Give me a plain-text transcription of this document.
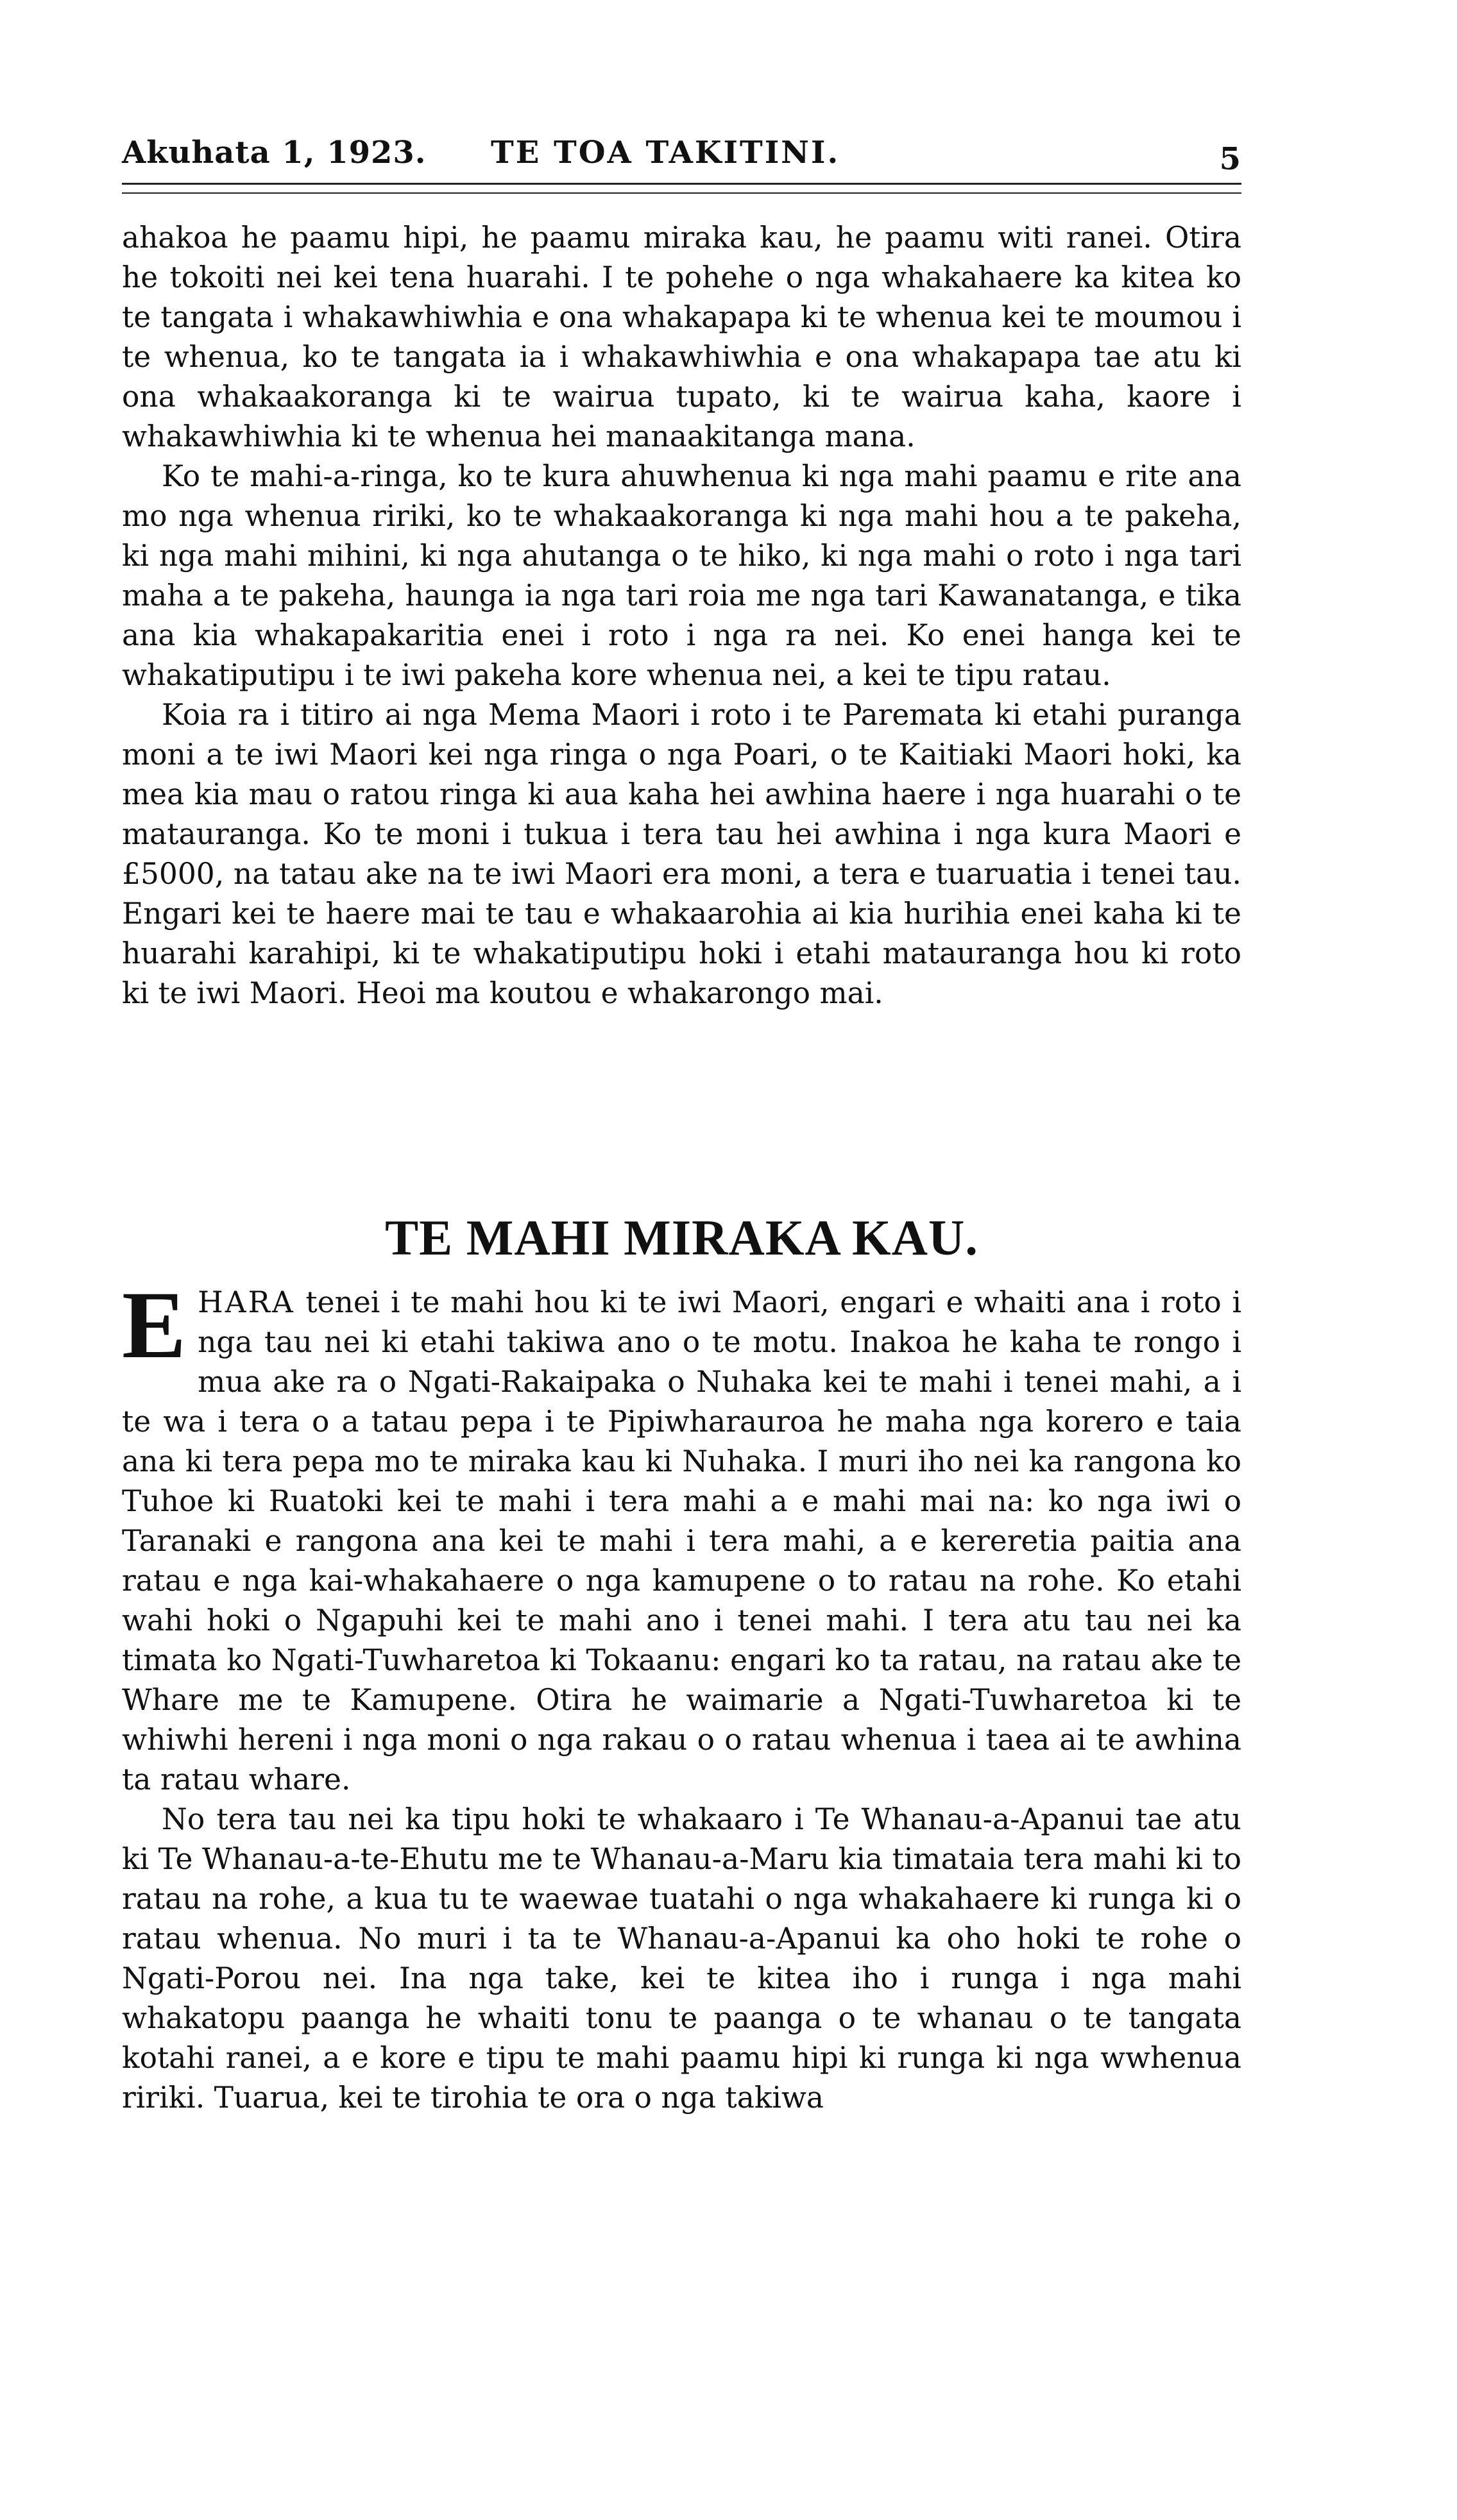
Akuhata 1, 1923. TE TOA TAKITINI.	5

ahakoa he paamu hipi, he paamu miraka kau, he paamu witi ranei. Otira he tokoiti nei kei tena huarahi. I te pohehe o nga whakahaere ka kitea ko te tangata i whakawhiwhia e ona whakapapa ki te whenua kei te moumou i te whenua, ko te tangata ia i whakawhiwhia e ona whakapapa tae atu ki ona whakaakoranga ki te wairua tupato, ki te wairua kaha, kaore i whakawhiwhia ki te whenua hei manaakitanga mana.

Ko te mahi-a-ringa, ko te kura ahuwhenua ki nga mahi paamu e rite ana mo nga whenua ririki, ko te whakaakoranga ki nga mahi hou a te pakeha, ki nga mahi mihini, ki nga ahutanga o te hiko, ki nga mahi o roto i nga tari maha a te pakeha, haunga ia nga tari roia me nga tari Kawanatanga, e tika ana kia whakapakaritia enei i roto i nga ra nei. Ko enei hanga kei te whakatiputipu i te iwi pakeha kore whenua nei, a kei te tipu ratau.

Koia ra i titiro ai nga Mema Maori i roto i te Paremata ki etahi puranga moni a te iwi Maori kei nga ringa o nga Poari, o te Kaitiaki Maori hoki, ka mea kia mau o ratou ringa ki aua kaha hei awhina haere i nga huarahi o te matauranga. Ko te moni i tukua i tera tau hei awhina i nga kura Maori e £5000, na tatau ake na te iwi Maori era moni, a tera e tuaruatia i tenei tau. Engari kei te haere mai te tau e whakaarohia ai kia hurihia enei kaha ki te huarahi karahipi, ki te whakatiputipu hoki i etahi matauranga hou ki roto ki te iwi Maori. Heoi ma koutou e whakarongo mai.

TE MAHI MIRAKA KAU.

EHARA tenei i te mahi hou ki te iwi Maori, engari e whaiti ana i roto i nga tau nei ki etahi takiwa ano o te motu. Inakoa he kaha te rongo i mua ake ra o Ngati-Rakaipaka o Nuhaka kei te mahi i tenei mahi, a i te wa i tera o a tatau pepa i te Pipiwharauroa he maha nga korero e taia ana ki tera pepa mo te miraka kau ki Nuhaka. I muri iho nei ka rangona ko Tuhoe ki Ruatoki kei te mahi i tera mahi a e mahi mai na: ko nga iwi o Taranaki e rangona ana kei te mahi i tera mahi, a e kereretia paitia ana ratau e nga kai-whakahaere o nga kamupene o to ratau na rohe. Ko etahi wahi hoki o Ngapuhi kei te mahi ano i tenei mahi. I tera atu tau nei ka timata ko Ngati-Tuwharetoa ki Tokaanu: engari ko ta ratau, na ratau ake te Whare me te Kamupene. Otira he waimarie a Ngati-Tuwharetoa ki te whiwhi hereni i nga moni o nga rakau o o ratau whenua i taea ai te awhina ta ratau whare.

No tera tau nei ka tipu hoki te whakaaro i Te Whanau-a-Apanui tae atu ki Te Whanau-a-te-Ehutu me te Whanau-a-Maru kia timataia tera mahi ki to ratau na rohe, a kua tu te waewae tuatahi o nga whakahaere ki runga ki o ratau whenua. No muri i ta te Whanau-a-Apanui ka oho hoki te rohe o Ngati-Porou nei. Ina nga take, kei te kitea iho i runga i nga mahi whakatopu paanga he whaiti tonu te paanga o te whanau o te tangata kotahi ranei, a e kore e tipu te mahi paamu hipi ki runga ki nga wwhenua ririki. Tuarua, kei te tirohia te ora o nga takiwa
